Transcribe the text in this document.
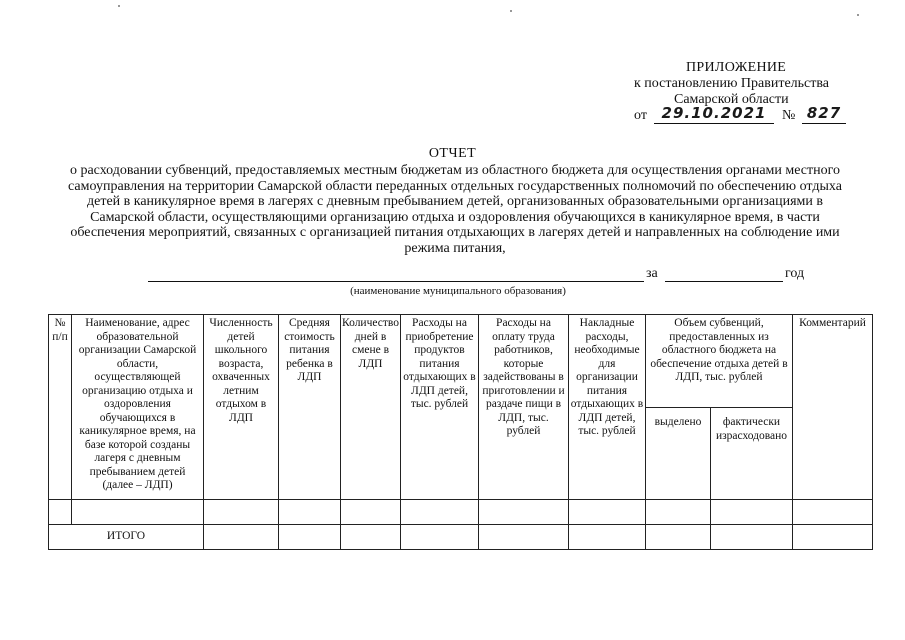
ПРИЛОЖЕНИЕ
к постановлению Правительства
Самарской области
от 29.10.2021	№ 827
ОТЧЕТ
о расходовании субвенций, предоставляемых местным бюджетам из областного бюджета для осуществления органами местного самоуправления на территории Самарской области переданных отдельных государственных полномочий по обеспечению отдыха детей в каникулярное время в лагерях с дневным пребыванием детей, организованных образовательными организациями в Самарской области, осуществляющими организацию отдыха и оздоровления обучающихся в каникулярное время, в части обеспечения мероприятий, связанных с организацией питания отдыхающих в лагерях детей и направленных на соблюдение ими режима питания,
за	год
(наименование муниципального образования)
№ п/п	Наименование, адрес образовательной организации Самарской области, осуществляющей организацию отдыха и оздоровления обучающихся в каникулярное время, на базе которой созданы лагеря с дневным пребыванием детей (далее – ЛДП)	Численность детей школьного возраста, охваченных летним отдыхом в ЛДП	Средняя стоимость питания ребенка в ЛДП	Количество дней в смене в ЛДП	Расходы на приобретение продуктов питания отдыхающих в ЛДП детей, тыс. рублей	Расходы на оплату труда работников, которые задействованы в приготовлении и раздаче пищи в ЛДП, тыс. рублей	Накладные расходы, необходимые для организации питания отдыхающих в ЛДП детей, тыс. рублей	Объем субвенций, предоставленных из областного бюджета на обеспечение отдыха детей в ЛДП, тыс. рублей		Комментарий

								выделено	фактически израсходовано	

ИТОГО										
